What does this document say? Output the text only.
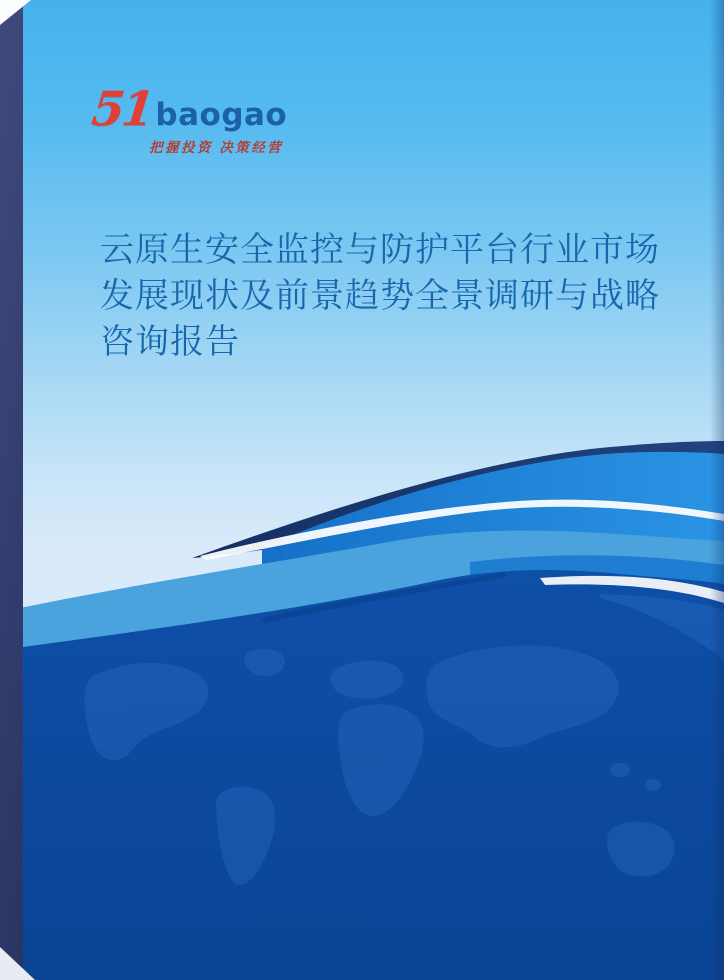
51 baogao
把握投资 决策经营
云原生安全监控与防护平台行业市场
发展现状及前景趋势全景调研与战略
咨询报告
